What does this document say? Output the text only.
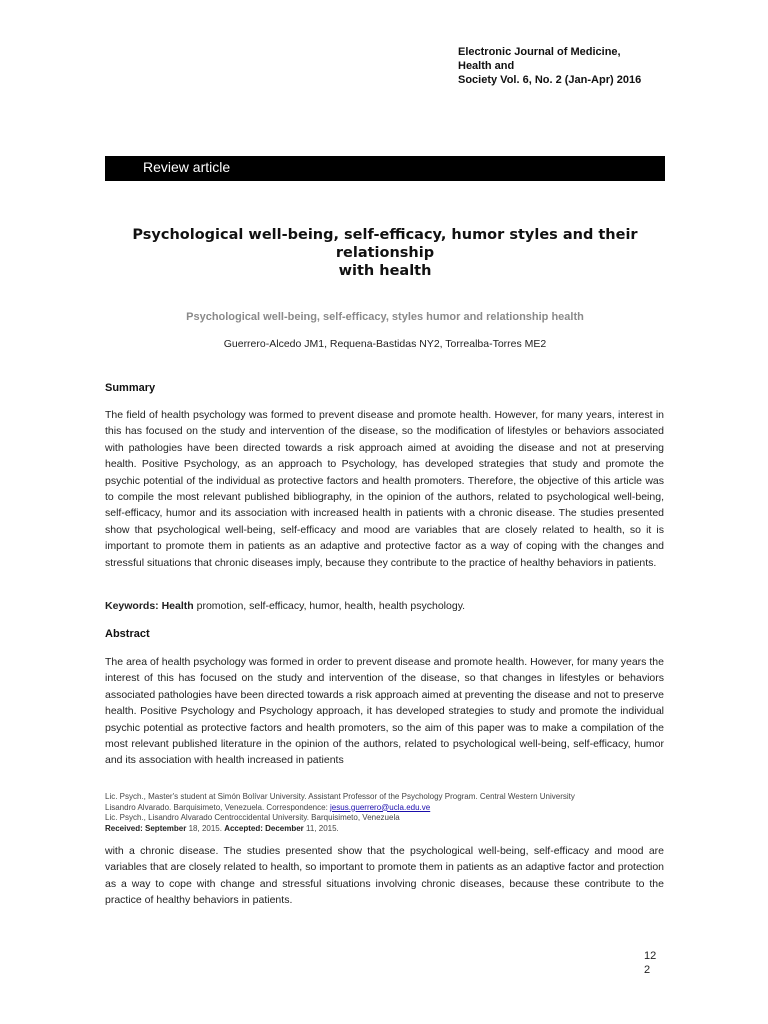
Electronic Journal of Medicine,
Health and
Society Vol. 6, No. 2 (Jan-Apr) 2016
Review article
Psychological well-being, self-efficacy, humor styles and their
relationship
with health
Psychological well-being, self-efficacy, styles humor and relationship health
Guerrero-Alcedo JM1, Requena-Bastidas NY2, Torrealba-Torres ME2
Summary
The field of health psychology was formed to prevent disease and promote health. However, for many years, interest in this has focused on the study and intervention of the disease, so the modification of lifestyles or behaviors associated with pathologies have been directed towards a risk approach aimed at avoiding the disease and not at preserving health. Positive Psychology, as an approach to Psychology, has developed strategies that study and promote the psychic potential of the individual as protective factors and health promoters. Therefore, the objective of this article was to compile the most relevant published bibliography, in the opinion of the authors, related to psychological well-being, self-efficacy, humor and its association with increased health in patients with a chronic disease. The studies presented show that psychological well-being, self-efficacy and mood are variables that are closely related to health, so it is important to promote them in patients as an adaptive and protective factor as a way of coping with the changes and stressful situations that chronic diseases imply, because they contribute to the practice of healthy behaviors in patients.
Keywords: Health promotion, self-efficacy, humor, health, health psychology.
Abstract
The area of health psychology was formed in order to prevent disease and promote health. However, for many years the interest of this has focused on the study and intervention of the disease, so that changes in lifestyles or behaviors associated pathologies have been directed towards a risk approach aimed at preventing the disease and not to preserve health. Positive Psychology and Psychology approach, it has developed strategies to study and promote the individual psychic potential as protective factors and health promoters, so the aim of this paper was to make a compilation of the most relevant published literature in the opinion of the authors, related to psychological well-being, self-efficacy, humor and its association with health increased in patients
Lic. Psych., Master's student at Simón Bolívar University. Assistant Professor of the Psychology Program. Central Western University
Lisandro Alvarado. Barquisimeto, Venezuela. Correspondence: jesus.guerrero@ucla.edu.ve
Lic. Psych., Lisandro Alvarado Centroccidental University. Barquisimeto, Venezuela
Received: September 18, 2015. Accepted: December 11, 2015.
with a chronic disease. The studies presented show that the psychological well-being, self-efficacy and mood are variables that are closely related to health, so important to promote them in patients as an adaptive factor and protection as a way to cope with change and stressful situations involving chronic diseases, because these contribute to the practice of healthy behaviors in patients.
12
2
